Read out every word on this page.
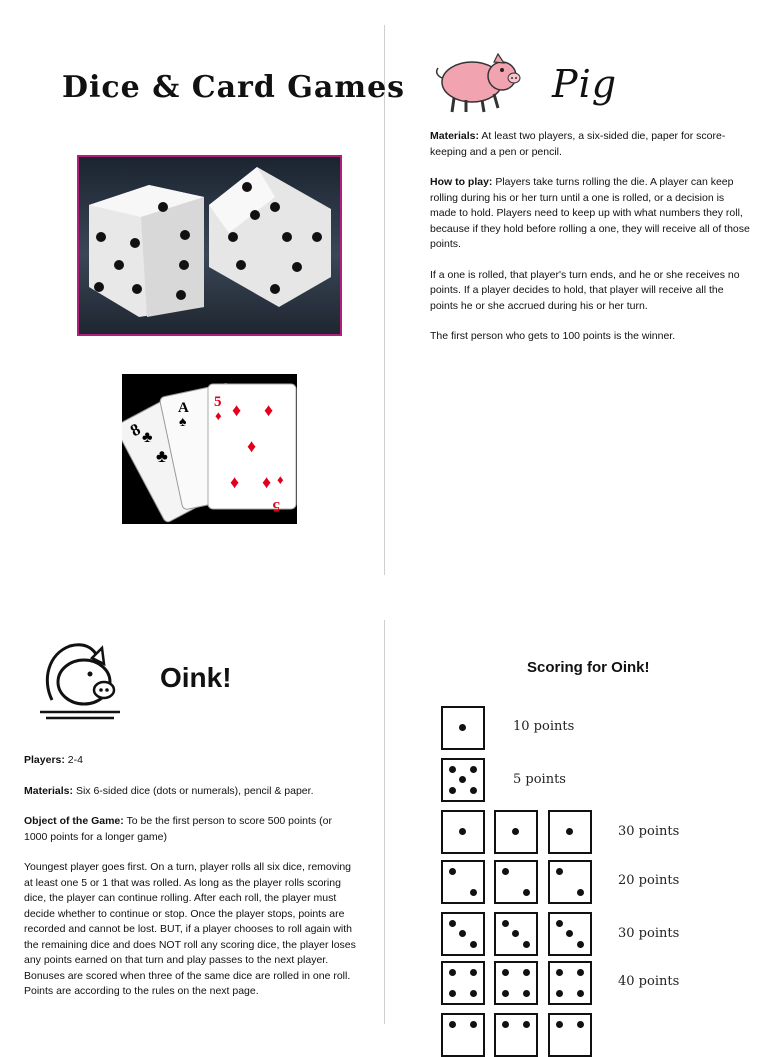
Dice & Card Games
8
♣
♣
A
♠
5
♦ ♦ ♦
♦
♦ ♦ ♦
5
Pig

Materials: At least two players, a six-sided die, paper for score-keeping and a pen or pencil.

How to play: Players take turns rolling the die. A player can keep rolling during his or her turn until a one is rolled, or a decision is made to hold. Players need to keep up with what numbers they roll, because if they hold before rolling a one, they will receive all of those points.

If a one is rolled, that player's turn ends, and he or she receives no points. If a player decides to hold, that player will receive all the points he or she accrued during his or her turn.

The first person who gets to 100 points is the winner.

Oink!

Players: 2-4

Materials: Six 6-sided dice (dots or numerals), pencil & paper.

Object of the Game: To be the first person to score 500 points (or 1000 points for a longer game)

Youngest player goes first. On a turn, player rolls all six dice, removing at least one 5 or 1 that was rolled. As long as the player rolls scoring dice, the player can continue rolling. After each roll, the player must decide whether to continue or stop. Once the player stops, points are recorded and cannot be lost. BUT, if a player chooses to roll again with the remaining dice and does NOT roll any scoring dice, the player loses any points earned on that turn and play passes to the next player. Bonuses are scored when three of the same dice are rolled in one roll. Points are according to the rules on the next page.

Scoring for Oink!
10 points
5 points
30 points
20 points
30 points
40 points
